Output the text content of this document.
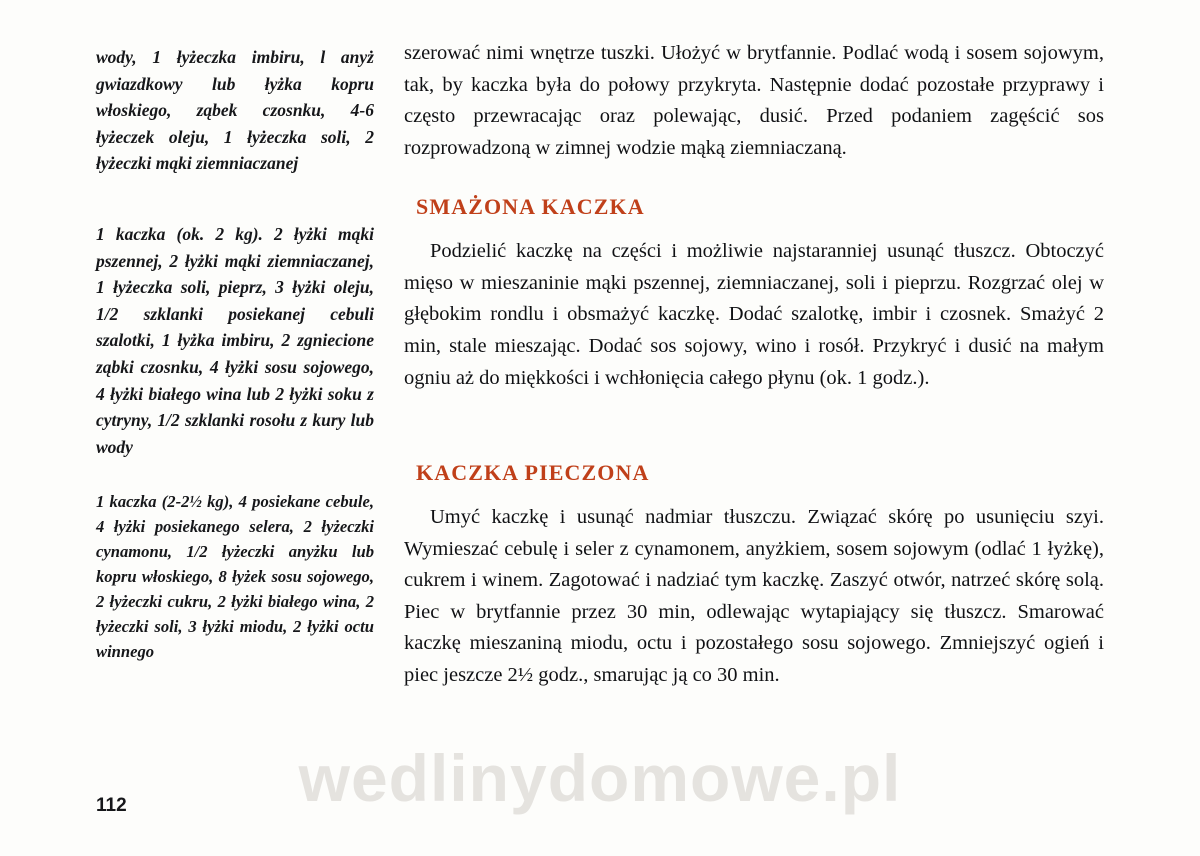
wedlinydomowe.pl
wody, 1 łyżeczka imbiru, l anyż gwiazdkowy lub łyżka kopru włoskiego, ząbek czosnku, 4-6 łyżeczek oleju, 1 łyżeczka soli, 2 łyżeczki mąki ziemniaczanej
1 kaczka (ok. 2 kg). 2 łyżki mąki pszennej, 2 łyżki mąki ziemniaczanej, 1 łyżeczka soli, pieprz, 3 łyżki oleju, 1/2 szklanki posiekanej cebuli szalotki, 1 łyżka imbiru, 2 zgniecione ząbki czosnku, 4 łyżki sosu sojowego, 4 łyżki białego wina lub 2 łyżki soku z cytryny, 1/2 szklanki rosołu z kury lub wody
1 kaczka (2-2½ kg), 4 posiekane cebule, 4 łyżki posiekanego selera, 2 łyżeczki cynamonu, 1/2 łyżeczki anyżku lub kopru włoskiego, 8 łyżek sosu sojowego, 2 łyżeczki cukru, 2 łyżki białego wina, 2 łyżeczki soli, 3 łyżki miodu, 2 łyżki octu winnego

szerować nimi wnętrze tuszki. Ułożyć w brytfannie. Podlać wodą i sosem sojowym, tak, by kaczka była do połowy przykryta. Następnie dodać pozostałe przyprawy i często przewracając oraz polewając, dusić. Przed podaniem zagęścić sos rozprowadzoną w zimnej wodzie mąką ziemniaczaną.

SMAŻONA KACZKA

Podzielić kaczkę na części i możliwie najstaranniej usunąć tłuszcz. Obtoczyć mięso w mieszaninie mąki pszennej, ziemniaczanej, soli i pieprzu. Rozgrzać olej w głębokim rondlu i obsmażyć kaczkę. Dodać szalotkę, imbir i czosnek. Smażyć 2 min, stale mieszając. Dodać sos sojowy, wino i rosół. Przykryć i dusić na małym ogniu aż do miękkości i wchłonięcia całego płynu (ok. 1 godz.).

KACZKA PIECZONA

Umyć kaczkę i usunąć nadmiar tłuszczu. Związać skórę po usunięciu szyi. Wymieszać cebulę i seler z cynamonem, anyżkiem, sosem sojowym (odlać 1 łyżkę), cukrem i winem. Zagotować i nadziać tym kaczkę. Zaszyć otwór, natrzeć skórę solą. Piec w brytfannie przez 30 min, odlewając wytapiający się tłuszcz. Smarować kaczkę mieszaniną miodu, octu i pozostałego sosu sojowego. Zmniejszyć ogień i piec jeszcze 2½ godz., smarując ją co 30 min.

112
